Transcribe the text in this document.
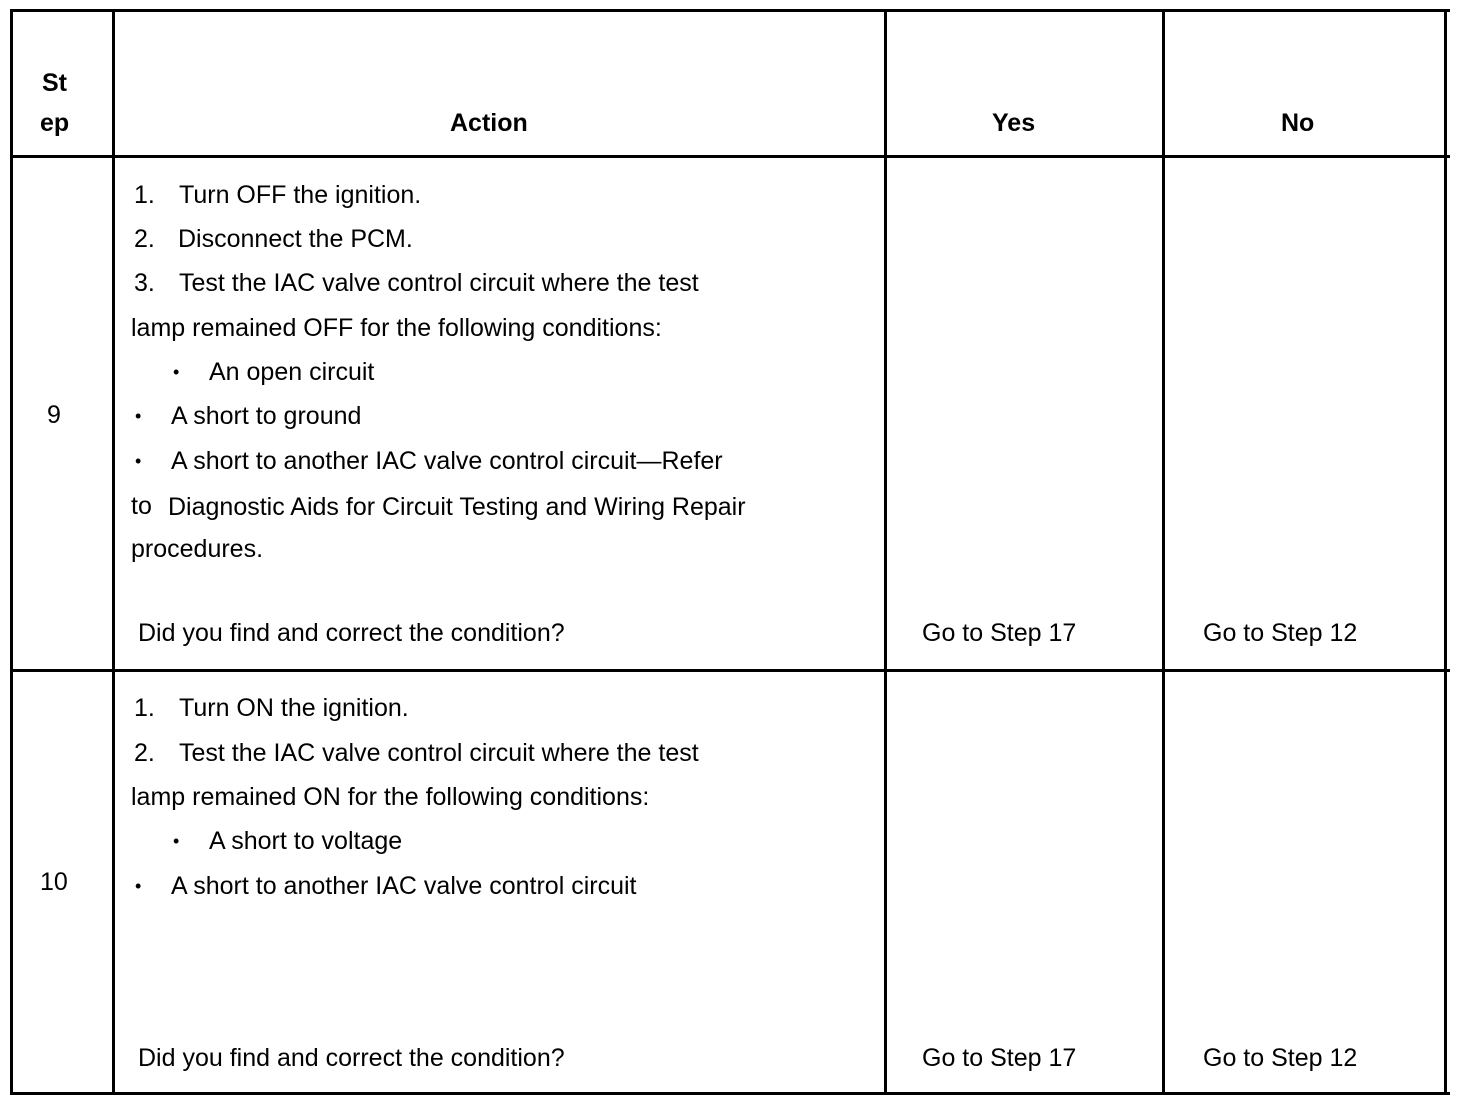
St
ep	Action	Yes	No
9
1. Turn OFF the ignition.
2. Disconnect the PCM.
3. Test the IAC valve control circuit where the test
lamp remained OFF for the following conditions:
• An open circuit
• A short to ground
• A short to another IAC valve control circuit—Refer
to Diagnostic Aids for Circuit Testing and Wiring Repair
procedures.
Did you find and correct the condition?	Go to Step 17	Go to Step 12
10
1. Turn ON the ignition.
2. Test the IAC valve control circuit where the test
lamp remained ON for the following conditions:
• A short to voltage
• A short to another IAC valve control circuit
Did you find and correct the condition?	Go to Step 17	Go to Step 12
